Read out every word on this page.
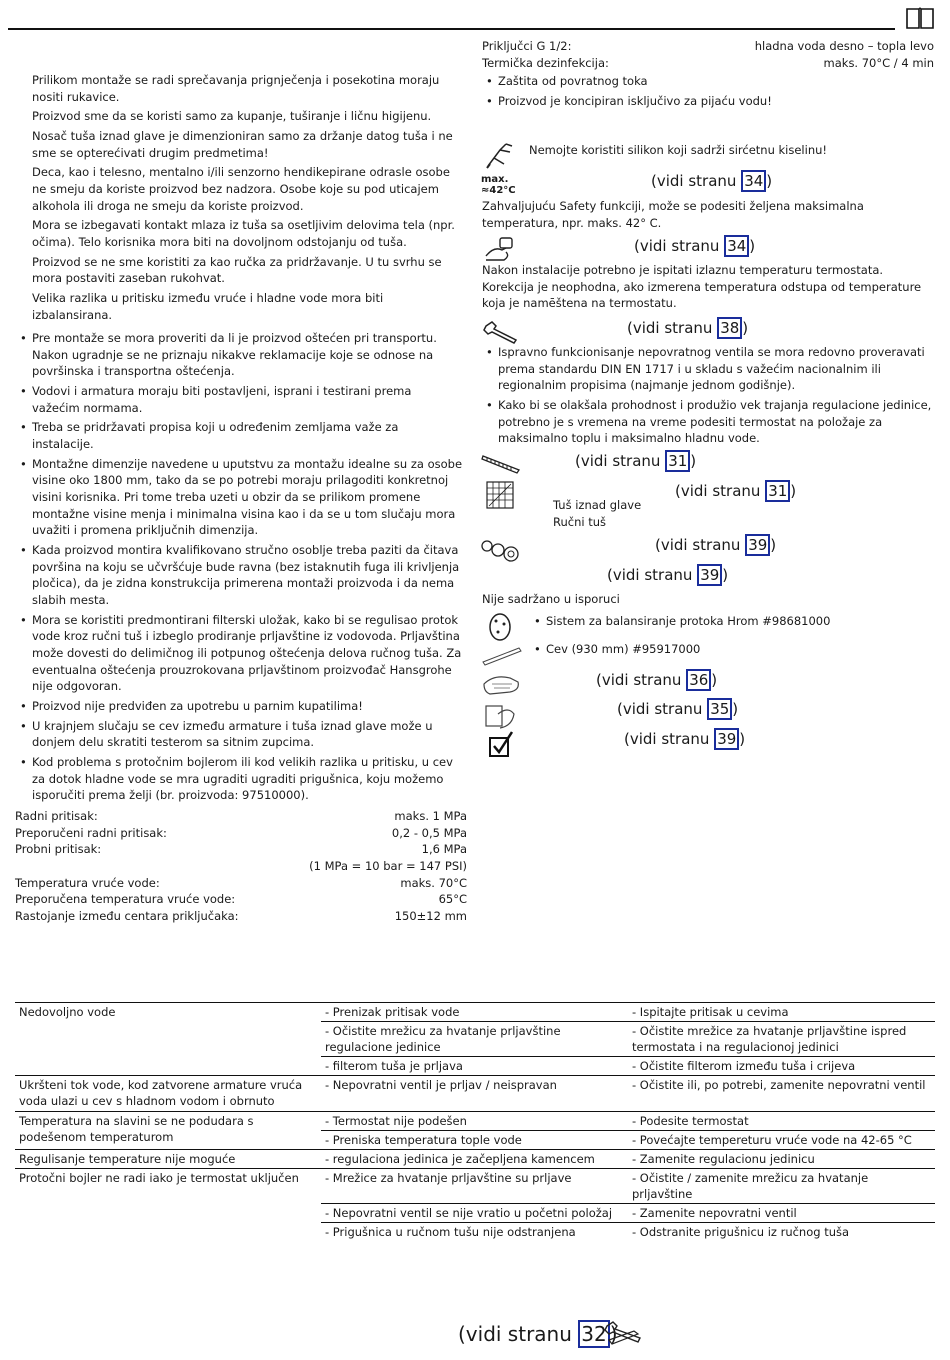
Prilikom montaže se radi sprečavanja prignječenja i posekotina moraju nositi rukavice.

Proizvod sme da se koristi samo za kupanje, tuširanje i ličnu higijenu.

Nosač tuša iznad glave je dimenzioniran samo za držanje datog tuša i ne sme se opterećivati drugim predmetima!

Deca, kao i telesno, mentalno i/ili senzorno hendikepirane odrasle osobe ne smeju da koriste proizvod bez nadzora. Osobe koje su pod uticajem alkohola ili droga ne smeju da koriste proizvod.

Mora se izbegavati kontakt mlaza iz tuša sa osetljivim delovima tela (npr. očima). Telo korisnika mora biti na dovoljnom odstojanju od tuša.

Proizvod se ne sme koristiti za kao ručka za pridržavanje. U tu svrhu se mora postaviti zaseban rukohvat.

Velika razlika u pritisku između vruće i hladne vode mora biti izbalansirana.

• Pre montaže se mora proveriti da li je proizvod oštećen pri transportu. Nakon ugradnje se ne priznaju nikakve reklamacije koje se odnose na površinska i transportna oštećenja.
• Vodovi i armatura moraju biti postavljeni, isprani i testirani prema važećim normama.
• Treba se pridržavati propisa koji u određenim zemljama važe za instalacije.
• Montažne dimenzije navedene u uputstvu za montažu idealne su za osobe visine oko 1800 mm, tako da se po potrebi moraju prilagoditi konkretnoj visini korisnika. Pri tome treba uzeti u obzir da se prilikom promene montažne visine menja i minimalna visina kao i da se u tom slučaju mora uvažiti i promena priključnih dimenzija.
• Kada proizvod montira kvalifikovano stručno osoblje treba paziti da čitava površina na koju se učvršćuje bude ravna (bez istaknutih fuga ili krivljenja pločica), da je zidna konstrukcija primerena montaži proizvoda i da nema slabih mesta.
• Mora se koristiti predmontirani filterski uložak, kako bi se regulisao protok vode kroz ručni tuš i izbeglo prodiranje prljavštine iz vodovoda. Prljavština može dovesti do delimičnog ili potpunog oštećenja delova ručnog tuša. Za eventualna oštećenja prouzrokovana prljavštinom proizvođač Hansgrohe nije odgovoran.
• Proizvod nije predviđen za upotrebu u parnim kupatilima!
• U krajnjem slučaju se cev između armature i tuša iznad glave može u donjem delu skratiti testerom sa sitnim zupcima.
• Kod problema s protočnim bojlerom ili kod velikih razlika u pritisku, u cev za dotok hladne vode se mra ugraditi ugraditi prigušnica, koju možemo isporučiti prema želji (br. proizvoda: 97510000).
Radni pritisak:	maks. 1 MPa
Preporučeni radni pritisak:	0,2 - 0,5 MPa
Probni pritisak:	1,6 MPa
(1 MPa = 10 bar = 147 PSI)
Temperatura vruće vode:	maks. 70°C
Preporučena temperatura vruće vode:	65°C
Rastojanje između centara priključaka:	150±12 mm
Priključci G 1/2:	hladna voda desno – topla levo
Termička dezinfekcija:	maks. 70°C / 4 min
• Zaštita od povratnog toka
• Proizvod je koncipiran isključivo za pijaću vodu!

Nemojte koristiti silikon koji sadrži sirćetnu kiselinu!

max.
≈42°C	(vidi stranu 34 )

Zahvaljujuću Safety funkciji, može se podesiti željena maksimalna temperatura, npr. maks. 42° C.

(vidi stranu 34 )

Nakon instalacije potrebno je ispitati izlaznu temperaturu termostata. Korekcija je neophodna, ako izmerena temperatura odstupa od temperature koja je namēštena na termostatu.

(vidi stranu 38 )
• Ispravno funkcionisanje nepovratnog ventila se mora redovno proveravati prema standardu DIN EN 1717 i u skladu s važećim nacionalnim ili regionalnim propisima (najmanje jednom godišnje).
• Kako bi se olakšala prohodnost i produžio vek trajanja regulacione jedinice, potrebno je s vremena na vreme podesiti termostat na položaje za maksimalno toplu i maksimalno hladnu vode.
(vidi stranu 31 )
(vidi stranu 31 )

Tuš iznad glave

Ručni tuš

(vidi stranu 39 )
(vidi stranu 39 )

Nije sadržano u isporuci

• Sistem za balansiranje protoka Hrom #98681000
• Cev (930 mm) #95917000
(vidi stranu 36 )
(vidi stranu 35 )
(vidi stranu 39 )
Nedovoljno vode	- Prenizak pritisak vode	- Ispitajte pritisak u cevima
	- Očistite mrežicu za hvatanje prljavštine regulacione jedinice	- Očistite mrežice za hvatanje prljavštine ispred termostata i na regulacionoj jedinici
	- filterom tuša je prljava	- Očistite filterom između tuša i crijeva
Ukršteni tok vode, kod zatvorene armature vruća voda ulazi u cev s hladnom vodom i obrnuto	- Nepovratni ventil je prljav / neispravan	- Očistite ili, po potrebi, zamenite nepovratni ventil
Temperatura na slavini se ne podudara s podešenom temperaturom	- Termostat nije podešen	- Podesite termostat
	- Preniska temperatura tople vode	- Povećajte tempereturu vruće vode na 42-65 °C
Regulisanje temperature nije moguće	- regulaciona jedinica je začepljena kamencem	- Zamenite regulacionu jedinicu
Protočni bojler ne radi iako je termostat uključen	- Mrežice za hvatanje prljavštine su prljave	- Očistite / zamenite mrežicu za hvatanje prljavštine
	- Nepovratni ventil se nije vratio u početni položaj	- Zamenite nepovratni ventil
	- Prigušnica u ručnom tušu nije odstranjena	- Odstranite prigušnicu iz ručnog tuša
(vidi stranu 32 )
